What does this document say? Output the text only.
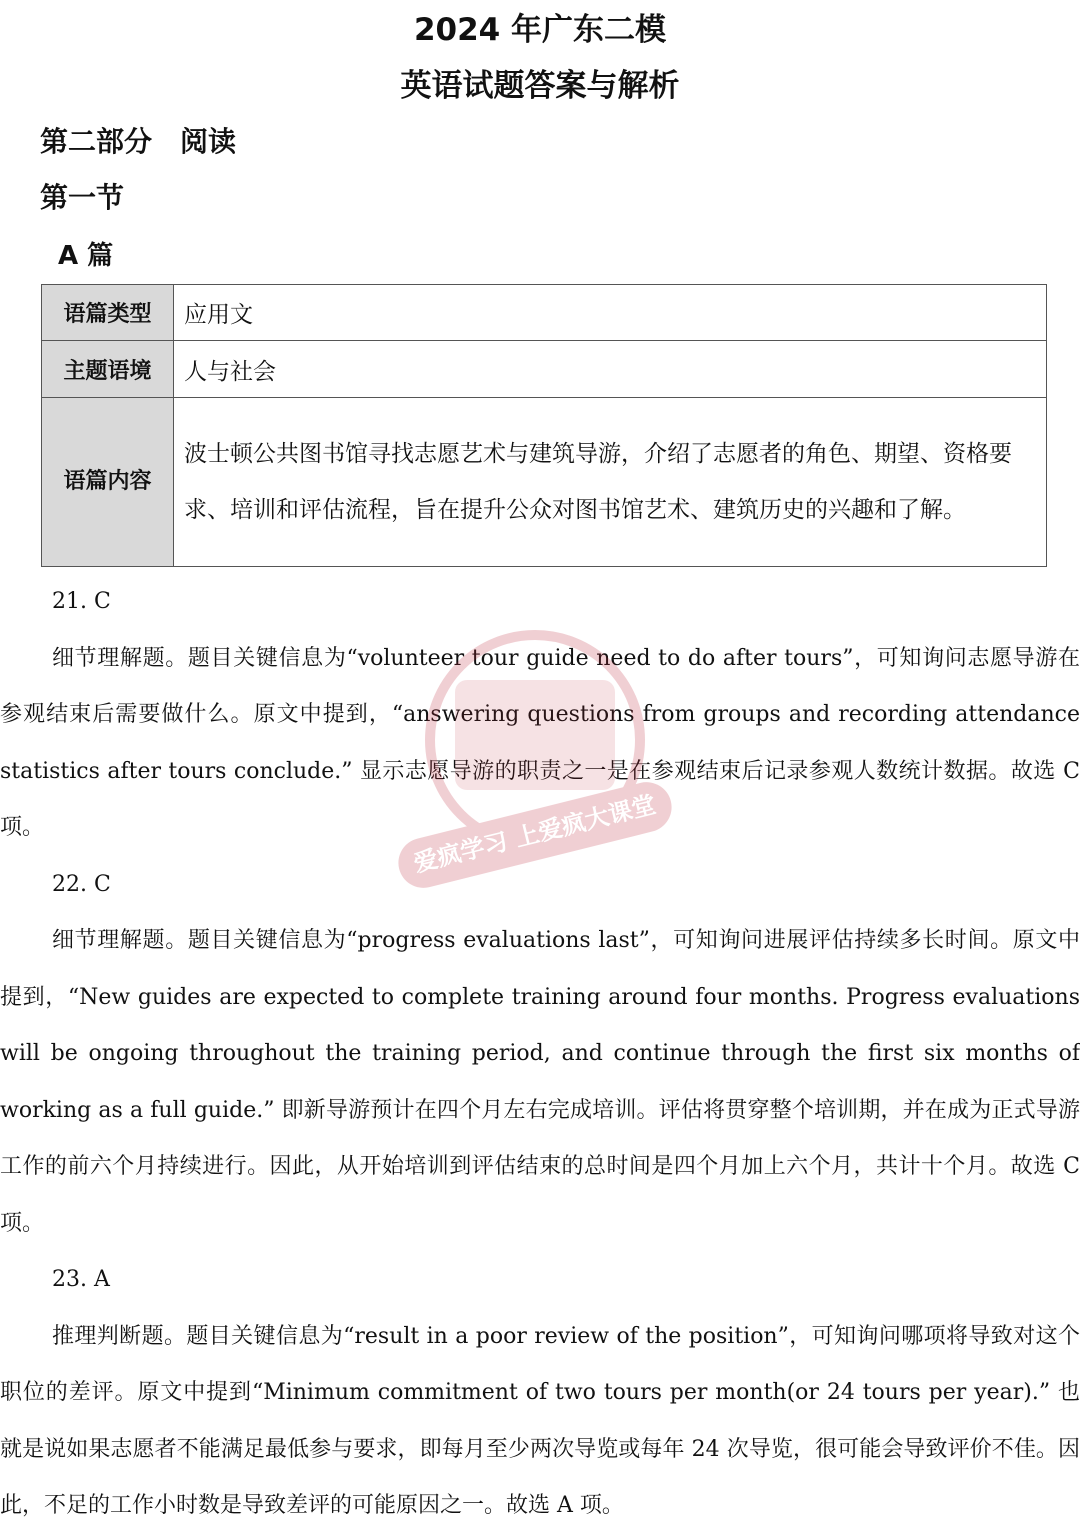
2024 年广东二模
英语试题答案与解析
第二部分　阅读
第一节
A 篇
语篇类型	应用文
主题语境	人与社会
语篇内容	波士顿公共图书馆寻找志愿艺术与建筑导游，介绍了志愿者的角色、期望、资格要求、培训和评估流程，旨在提升公众对图书馆艺术、建筑历史的兴趣和了解。

21. C

细节理解题。题目关键信息为“volunteer tour guide need to do after tours”，可知询问志愿导游在参观结束后需要做什么。原文中提到，“answering questions from groups and recording attendance statistics after tours conclude.” 显示志愿导游的职责之一是在参观结束后记录参观人数统计数据。故选 C 项。

22. C

细节理解题。题目关键信息为“progress evaluations last”，可知询问进展评估持续多长时间。原文中提到，“New guides are expected to complete training around four months. Progress evaluations will be ongoing throughout the training period, and continue through the first six months of working as a full guide.” 即新导游预计在四个月左右完成培训。评估将贯穿整个培训期，并在成为正式导游工作的前六个月持续进行。因此，从开始培训到评估结束的总时间是四个月加上六个月，共计十个月。故选 C 项。

23. A

推理判断题。题目关键信息为“result in a poor review of the position”，可知询问哪项将导致对这个职位的差评。原文中提到“Minimum commitment of two tours per month(or 24 tours per year).” 也就是说如果志愿者不能满足最低参与要求，即每月至少两次导览或每年 24 次导览，很可能会导致评价不佳。因此，不足的工作小时数是导致差评的可能原因之一。故选 A 项。

爱疯学习 上爱疯大课堂
